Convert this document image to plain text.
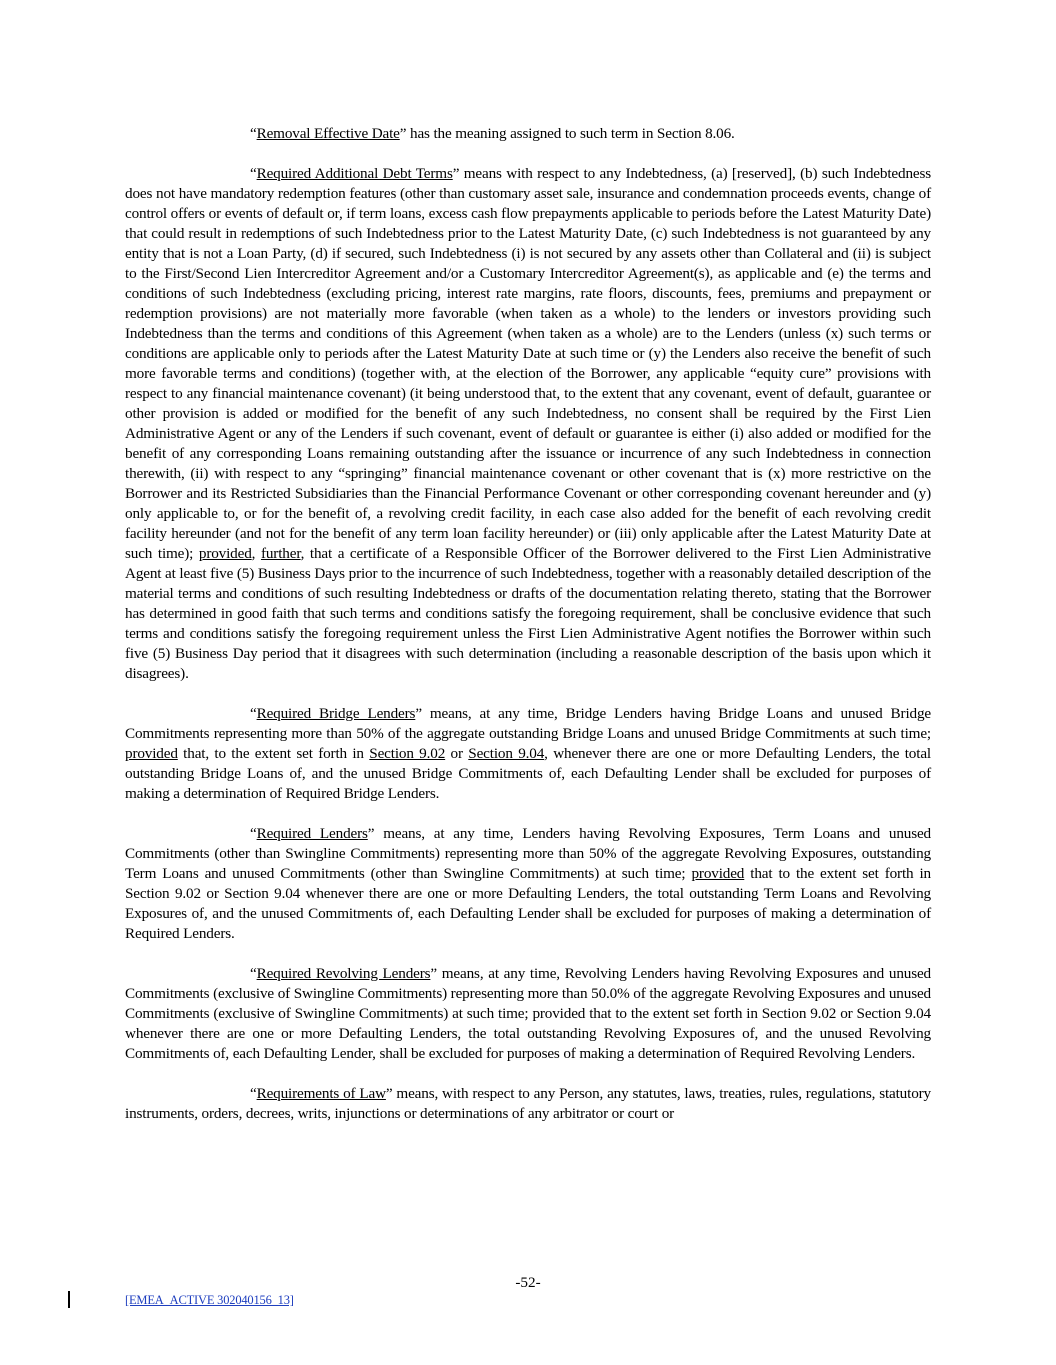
“Removal Effective Date” has the meaning assigned to such term in Section 8.06.

“Required Additional Debt Terms” means with respect to any Indebtedness, (a) [reserved], (b) such Indebtedness does not have mandatory redemption features (other than customary asset sale, insurance and condemnation proceeds events, change of control offers or events of default or, if term loans, excess cash flow prepayments applicable to periods before the Latest Maturity Date) that could result in redemptions of such Indebtedness prior to the Latest Maturity Date, (c) such Indebtedness is not guaranteed by any entity that is not a Loan Party, (d) if secured, such Indebtedness (i) is not secured by any assets other than Collateral and (ii) is subject to the First/Second Lien Intercreditor Agreement and/or a Customary Intercreditor Agreement(s), as applicable and (e) the terms and conditions of such Indebtedness (excluding pricing, interest rate margins, rate floors, discounts, fees, premiums and prepayment or redemption provisions) are not materially more favorable (when taken as a whole) to the lenders or investors providing such Indebtedness than the terms and conditions of this Agreement (when taken as a whole) are to the Lenders (unless (x) such terms or conditions are applicable only to periods after the Latest Maturity Date at such time or (y) the Lenders also receive the benefit of such more favorable terms and conditions) (together with, at the election of the Borrower, any applicable “equity cure” provisions with respect to any financial maintenance covenant) (it being understood that, to the extent that any covenant, event of default, guarantee or other provision is added or modified for the benefit of any such Indebtedness, no consent shall be required by the First Lien Administrative Agent or any of the Lenders if such covenant, event of default or guarantee is either (i) also added or modified for the benefit of any corresponding Loans remaining outstanding after the issuance or incurrence of any such Indebtedness in connection therewith, (ii) with respect to any “springing” financial maintenance covenant or other covenant that is (x) more restrictive on the Borrower and its Restricted Subsidiaries than the Financial Performance Covenant or other corresponding covenant hereunder and (y) only applicable to, or for the benefit of, a revolving credit facility, in each case also added for the benefit of each revolving credit facility hereunder (and not for the benefit of any term loan facility hereunder) or (iii) only applicable after the Latest Maturity Date at such time); provided, further, that a certificate of a Responsible Officer of the Borrower delivered to the First Lien Administrative Agent at least five (5) Business Days prior to the incurrence of such Indebtedness, together with a reasonably detailed description of the material terms and conditions of such resulting Indebtedness or drafts of the documentation relating thereto, stating that the Borrower has determined in good faith that such terms and conditions satisfy the foregoing requirement, shall be conclusive evidence that such terms and conditions satisfy the foregoing requirement unless the First Lien Administrative Agent notifies the Borrower within such five (5) Business Day period that it disagrees with such determination (including a reasonable description of the basis upon which it disagrees).

“Required Bridge Lenders” means, at any time, Bridge Lenders having Bridge Loans and unused Bridge Commitments representing more than 50% of the aggregate outstanding Bridge Loans and unused Bridge Commitments at such time; provided that, to the extent set forth in Section 9.02 or Section 9.04, whenever there are one or more Defaulting Lenders, the total outstanding Bridge Loans of, and the unused Bridge Commitments of, each Defaulting Lender shall be excluded for purposes of making a determination of Required Bridge Lenders.

“Required Lenders” means, at any time, Lenders having Revolving Exposures, Term Loans and unused Commitments (other than Swingline Commitments) representing more than 50% of the aggregate Revolving Exposures, outstanding Term Loans and unused Commitments (other than Swingline Commitments) at such time; provided that to the extent set forth in Section 9.02 or Section 9.04 whenever there are one or more Defaulting Lenders, the total outstanding Term Loans and Revolving Exposures of, and the unused Commitments of, each Defaulting Lender shall be excluded for purposes of making a determination of Required Lenders.

“Required Revolving Lenders” means, at any time, Revolving Lenders having Revolving Exposures and unused Commitments (exclusive of Swingline Commitments) representing more than 50.0% of the aggregate Revolving Exposures and unused Commitments (exclusive of Swingline Commitments) at such time; provided that to the extent set forth in Section 9.02 or Section 9.04 whenever there are one or more Defaulting Lenders, the total outstanding Revolving Exposures of, and the unused Revolving Commitments of, each Defaulting Lender, shall be excluded for purposes of making a determination of Required Revolving Lenders.

“Requirements of Law” means, with respect to any Person, any statutes, laws, treaties, rules, regulations, statutory instruments, orders, decrees, writs, injunctions or determinations of any arbitrator or court or

-52-
[EMEA_ACTIVE 302040156_13]
